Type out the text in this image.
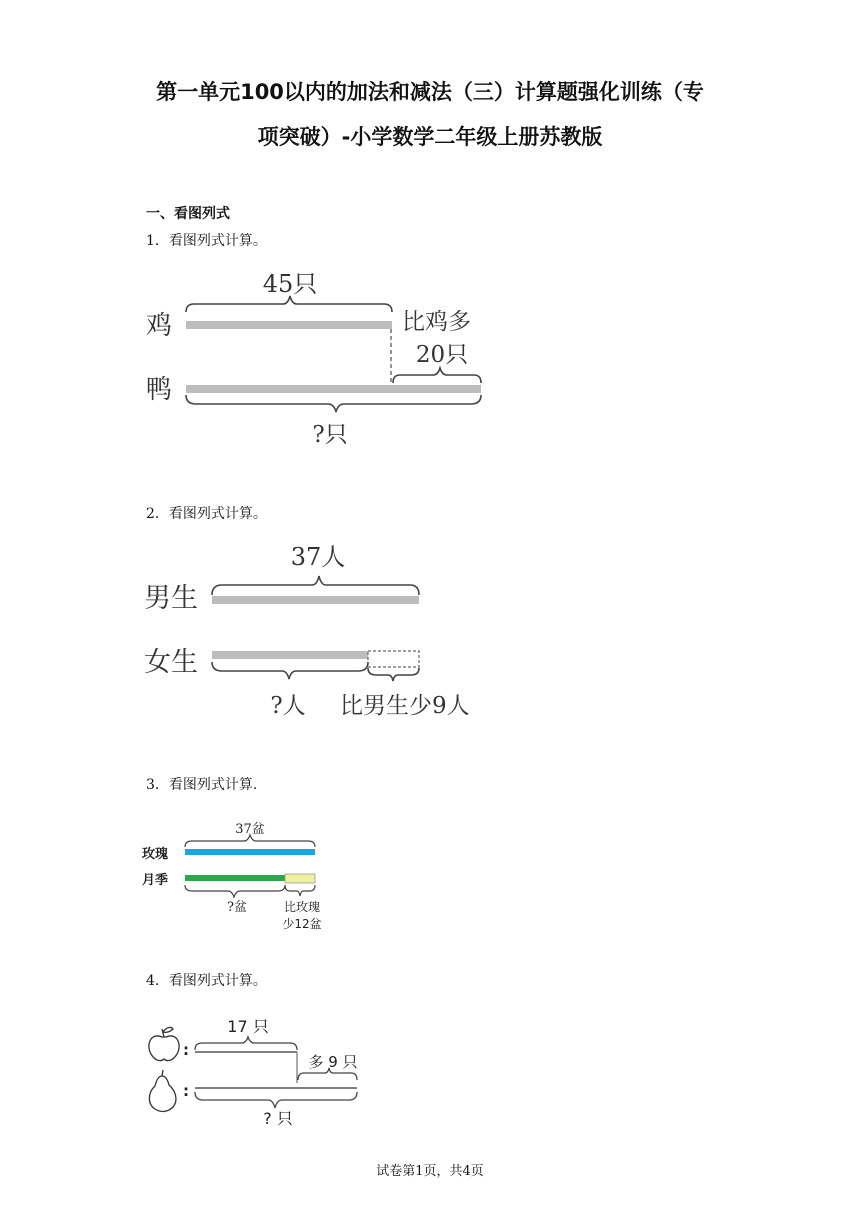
第一单元100以内的加法和减法（三）计算题强化训练（专
项突破）-小学数学二年级上册苏教版
一、看图列式
1．看图列式计算。
45只
鸡	比鸡多
20只
鸭
?只
2．看图列式计算。
37人
男生
女生
?人 比男生少9人
3．看图列式计算.
37盆
玫瑰
月季
?盆	比玫瑰
少12盆
4．看图列式计算。
:
17 只
多 9 只
:
? 只
试卷第1页，共4页
